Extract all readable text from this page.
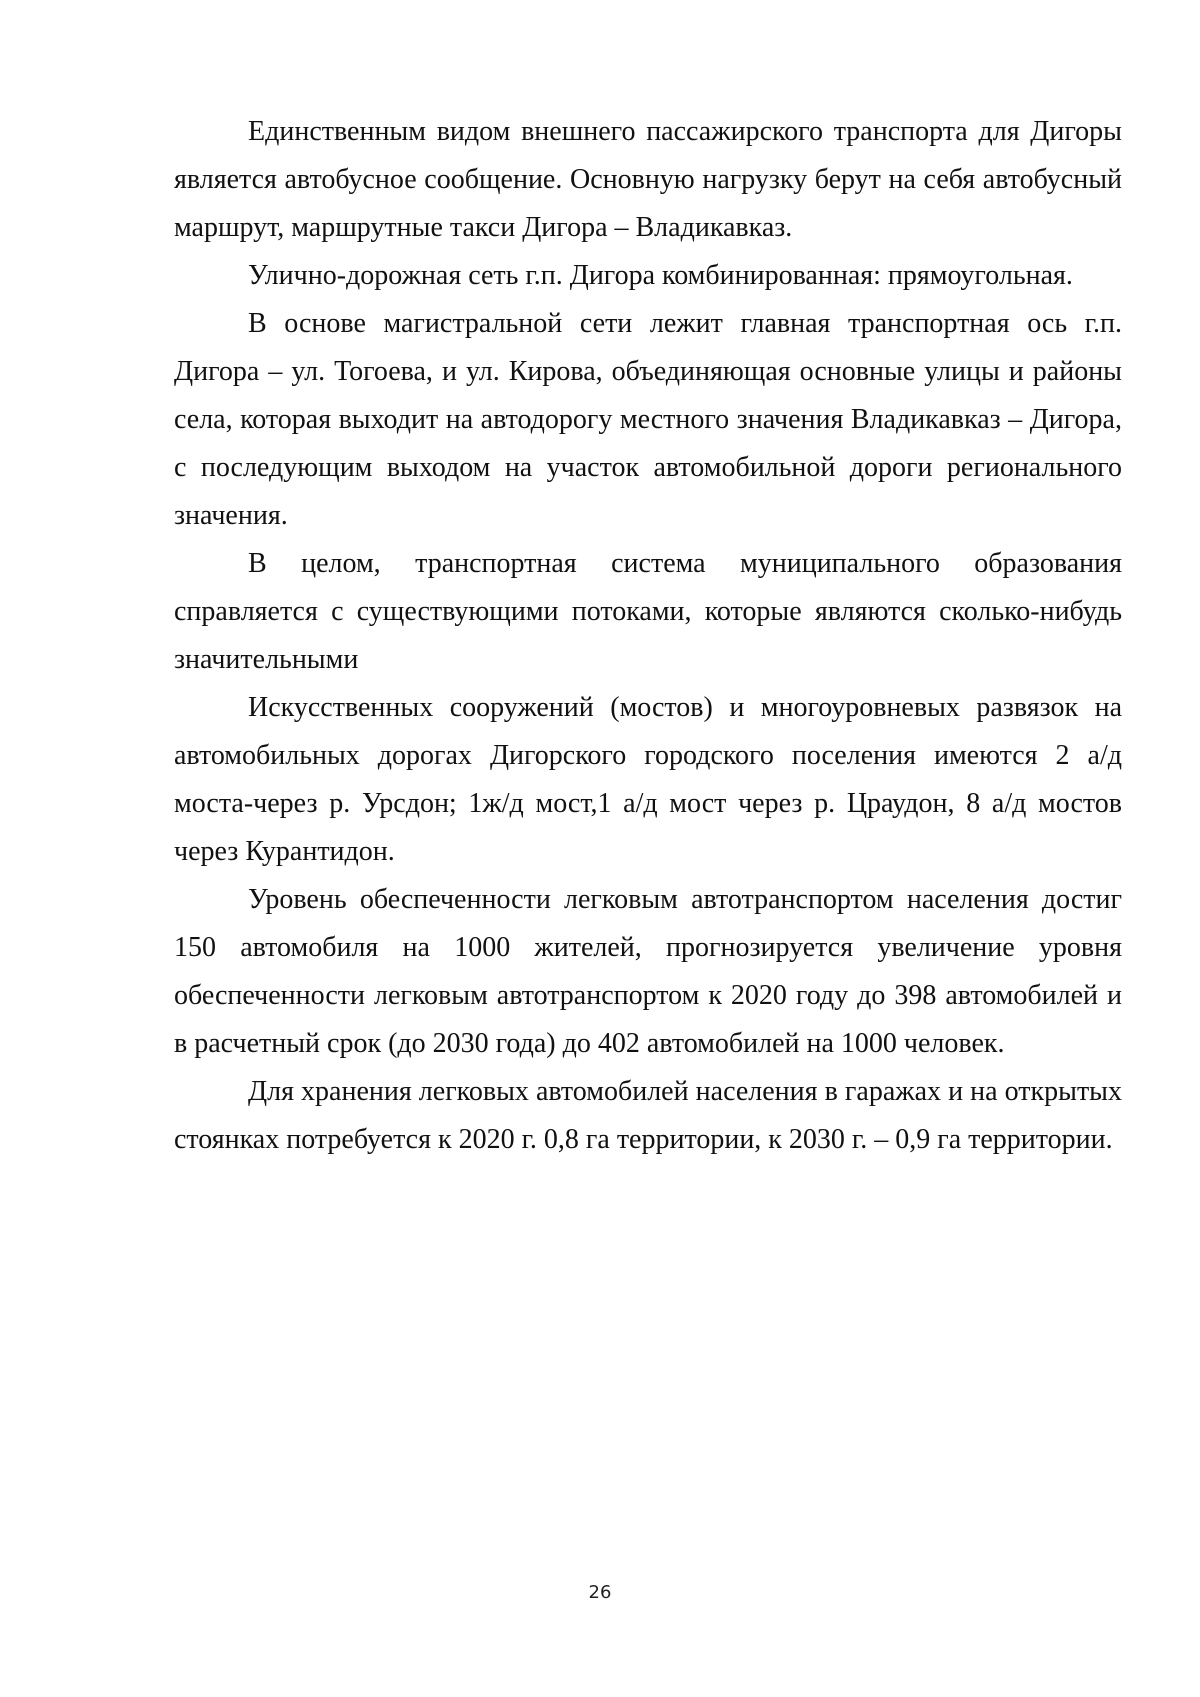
Единственным видом внешнего пассажирского транспорта для Дигоры является автобусное сообщение. Основную нагрузку берут на себя автобусный маршрут, маршрутные такси Дигора – Владикавказ.

Улично-дорожная сеть г.п. Дигора комбинированная: прямоугольная.

В основе магистральной сети лежит главная транспортная ось г.п. Дигора – ул. Тогоева, и ул. Кирова, объединяющая основные улицы и районы села, которая выходит на автодорогу местного значения Владикавказ – Дигора, с последующим выходом на участок автомобильной дороги регионального значения.

В целом, транспортная система муниципального образования справляется с существующими потоками, которые являются сколько-нибудь значительными

Искусственных сооружений (мостов) и многоуровневых развязок на автомобильных дорогах Дигорского городского поселения имеются 2 а/д моста-через р. Урсдон; 1ж/д мост,1 а/д мост через р. Цраудон, 8 а/д мостов через Курантидон.

Уровень обеспеченности легковым автотранспортом населения достиг 150 автомобиля на 1000 жителей, прогнозируется увеличение уровня обеспеченности легковым автотранспортом к 2020 году до 398 автомобилей и в расчетный срок (до 2030 года) до 402 автомобилей на 1000 человек.

Для хранения легковых автомобилей населения в гаражах и на открытых стоянках потребуется к 2020 г. 0,8 га территории, к 2030 г. – 0,9 га территории.

26
